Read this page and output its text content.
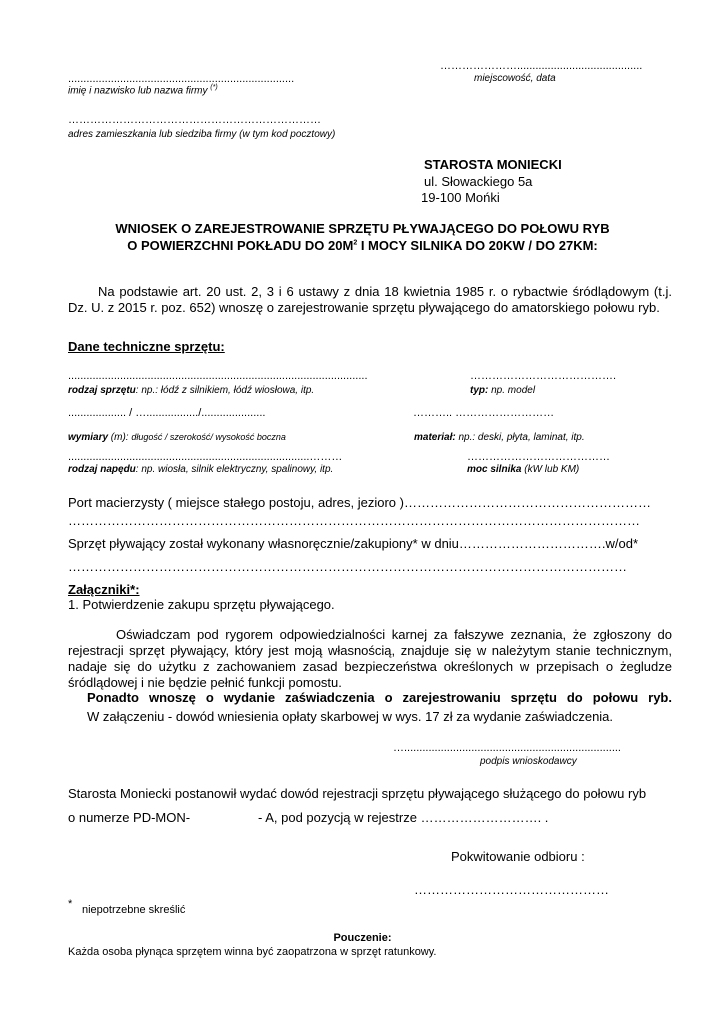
………………….........................................
miejscowość, data
..........................................................................
imię i nazwisko lub nazwa firmy (*)
……………………………………………………………
adres zamieszkania lub siedziba firmy (w tym kod pocztowy)
STAROSTA MONIECKI
ul. Słowackiego 5a
19-100 Mońki
WNIOSEK O ZAREJESTROWANIE SPRZĘTU PŁYWAJĄCEGO DO POŁOWU RYB
O POWIERZCHNI POKŁADU DO $20M^2$ I MOCY SILNIKA DO 20KW / DO 27KM:
Na podstawie art. 20 ust. 2, 3 i 6 ustawy z dnia 18 kwietnia 1985 r. o rybactwie śródlądowym (t.j. Dz. U. z 2015 r. poz. 652) wnoszę o zarejestrowanie sprzętu pływającego do amatorskiego połowu ryb.
Dane techniczne sprzętu:
..................................................................................................	………………………………….
rodzaj sprzętu: np.: łódź z silnikiem, łódź wiosłowa, itp.	typ: np. model
................... / …................./.....................	……….. ………………………
wymiary (m): długość / szerokość/ wysokość boczna	materiał: np.: deski, płyta, laminat, itp.
...............................................................................………	…………………………………
rodzaj napędu: np. wiosła, silnik elektryczny, spalinowy, itp.	moc silnika (kW lub KM)
Port macierzysty ( miejsce stałego postoju, adres, jezioro )…………………………………………………
……………………………………………………………………………………………………………………
Sprzęt pływający został wykonany własnoręcznie/zakupiony* w dniu…………………………….w/od*
…………………………………………………………………………………………………………………
Załączniki*:
1. Potwierdzenie zakupu sprzętu pływającego.
Oświadczam pod rygorem odpowiedzialności karnej za fałszywe zeznania, że zgłoszony do rejestracji sprzęt pływający, który jest moją własnością, znajduje się w należytym stanie technicznym, nadaje się do użytku z zachowaniem zasad bezpieczeństwa określonych w przepisach o żegludze śródlądowej i nie będzie pełnić funkcji pomostu.
Ponadto wnoszę o wydanie zaświadczenia o zarejestrowaniu sprzętu do połowu ryb.
W załączeniu - dowód wniesienia opłaty skarbowej w wys. 17 zł za wydanie zaświadczenia.
….......................................................................
podpis wnioskodawcy
Starosta Moniecki postanowił wydać dowód rejestracji sprzętu pływającego służącego do połowu ryb
o numerze PD-MON-	- A, pod pozycją w rejestrze ………………………. .
Pokwitowanie odbioru :
………………………………………
* niepotrzebne skreślić
Pouczenie:
Każda osoba płynąca sprzętem winna być zaopatrzona w sprzęt ratunkowy.
